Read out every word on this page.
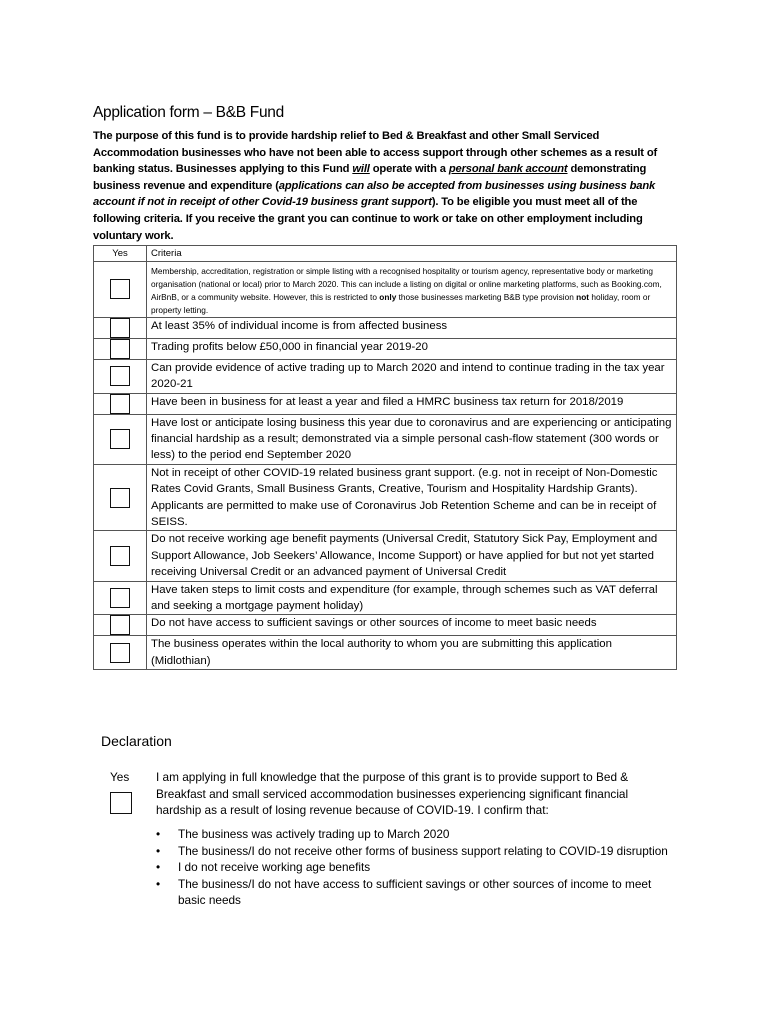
Application form – B&B Fund

The purpose of this fund is to provide hardship relief to Bed & Breakfast and other Small Serviced Accommodation businesses who have not been able to access support through other schemes as a result of banking status. Businesses applying to this Fund will operate with a personal bank account demonstrating business revenue and expenditure (applications can also be accepted from businesses using business bank account if not in receipt of other Covid-19 business grant support). To be eligible you must meet all of the following criteria. If you receive the grant you can continue to work or take on other employment including voluntary work.

Yes	Criteria
	Membership, accreditation, registration or simple listing with a recognised hospitality or tourism agency, representative body or marketing organisation (national or local) prior to March 2020. This can include a listing on digital or online marketing platforms, such as Booking.com, AirBnB, or a community website. However, this is restricted to only those businesses marketing B&B type provision not holiday, room or property letting.
	At least 35% of individual income is from affected business
	Trading profits below £50,000 in financial year 2019-20
	Can provide evidence of active trading up to March 2020 and intend to continue trading in the tax year 2020-21
	Have been in business for at least a year and filed a HMRC business tax return for 2018/2019
	Have lost or anticipate losing business this year due to coronavirus and are experiencing or anticipating financial hardship as a result; demonstrated via a simple personal cash-flow statement (300 words or less) to the period end September 2020
	Not in receipt of other COVID-19 related business grant support. (e.g. not in receipt of Non-Domestic Rates Covid Grants, Small Business Grants, Creative, Tourism and Hospitality Hardship Grants). Applicants are permitted to make use of Coronavirus Job Retention Scheme and can be in receipt of SEISS.
	Do not receive working age benefit payments (Universal Credit, Statutory Sick Pay, Employment and Support Allowance, Job Seekers’ Allowance, Income Support) or have applied for but not yet started receiving Universal Credit or an advanced payment of Universal Credit
	Have taken steps to limit costs and expenditure (for example, through schemes such as VAT deferral and seeking a mortgage payment holiday)
	Do not have access to sufficient savings or other sources of income to meet basic needs
	The business operates within the local authority to whom you are submitting this application (Midlothian)
Declaration
Yes I am applying in full knowledge that the purpose of this grant is to provide support to Bed & Breakfast and small serviced accommodation businesses experiencing significant financial hardship as a result of losing revenue because of COVID-19. I confirm that:
• The business was actively trading up to March 2020
• The business/I do not receive other forms of business support relating to COVID-19 disruption
• I do not receive working age benefits
• The business/I do not have access to sufficient savings or other sources of income to meet basic needs
